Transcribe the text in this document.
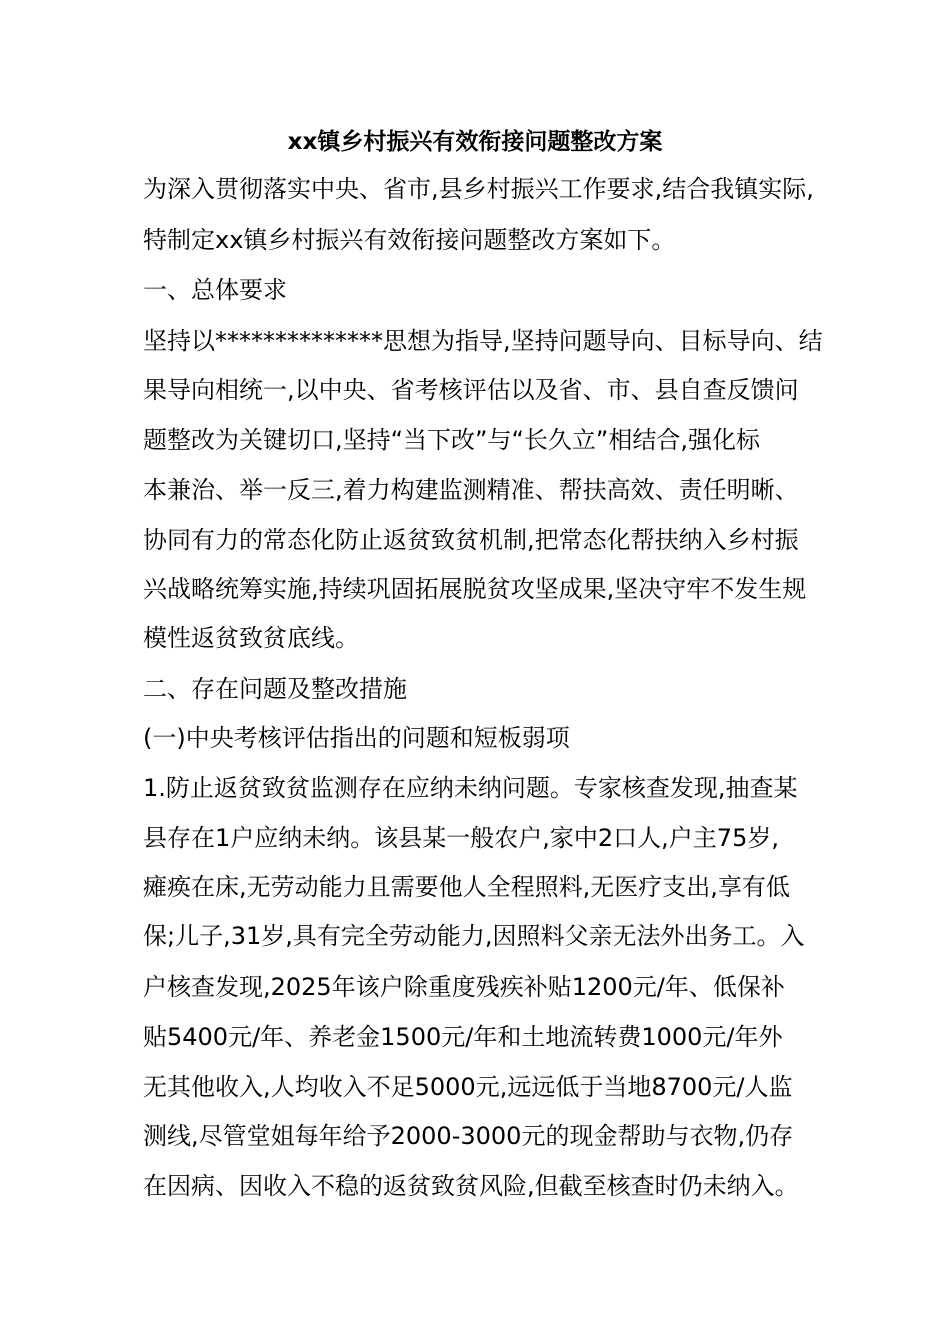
xx镇乡村振兴有效衔接问题整改方案

为深入贯彻落实中央、省市,县乡村振兴工作要求,结合我镇实际,

特制定xx镇乡村振兴有效衔接问题整改方案如下。

一、总体要求

坚持以**************思想为指导,坚持问题导向、目标导向、结

果导向相统一,以中央、省考核评估以及省、市、县自查反馈问

题整改为关键切口,坚持“当下改”与“长久立”相结合,强化标

本兼治、举一反三,着力构建监测精准、帮扶高效、责任明晰、

协同有力的常态化防止返贫致贫机制,把常态化帮扶纳入乡村振

兴战略统筹实施,持续巩固拓展脱贫攻坚成果,坚决守牢不发生规

模性返贫致贫底线。

二、存在问题及整改措施

(一)中央考核评估指出的问题和短板弱项

1.防止返贫致贫监测存在应纳未纳问题。专家核查发现,抽查某

县存在1户应纳未纳。该县某一般农户,家中2口人,户主75岁,

瘫痪在床,无劳动能力且需要他人全程照料,无医疗支出,享有低

保;儿子,31岁,具有完全劳动能力,因照料父亲无法外出务工。入

户核查发现,2025年该户除重度残疾补贴1200元/年、低保补

贴5400元/年、养老金1500元/年和土地流转费1000元/年外

无其他收入,人均收入不足5000元,远远低于当地8700元/人监

测线,尽管堂姐每年给予2000-3000元的现金帮助与衣物,仍存

在因病、因收入不稳的返贫致贫风险,但截至核查时仍未纳入。
